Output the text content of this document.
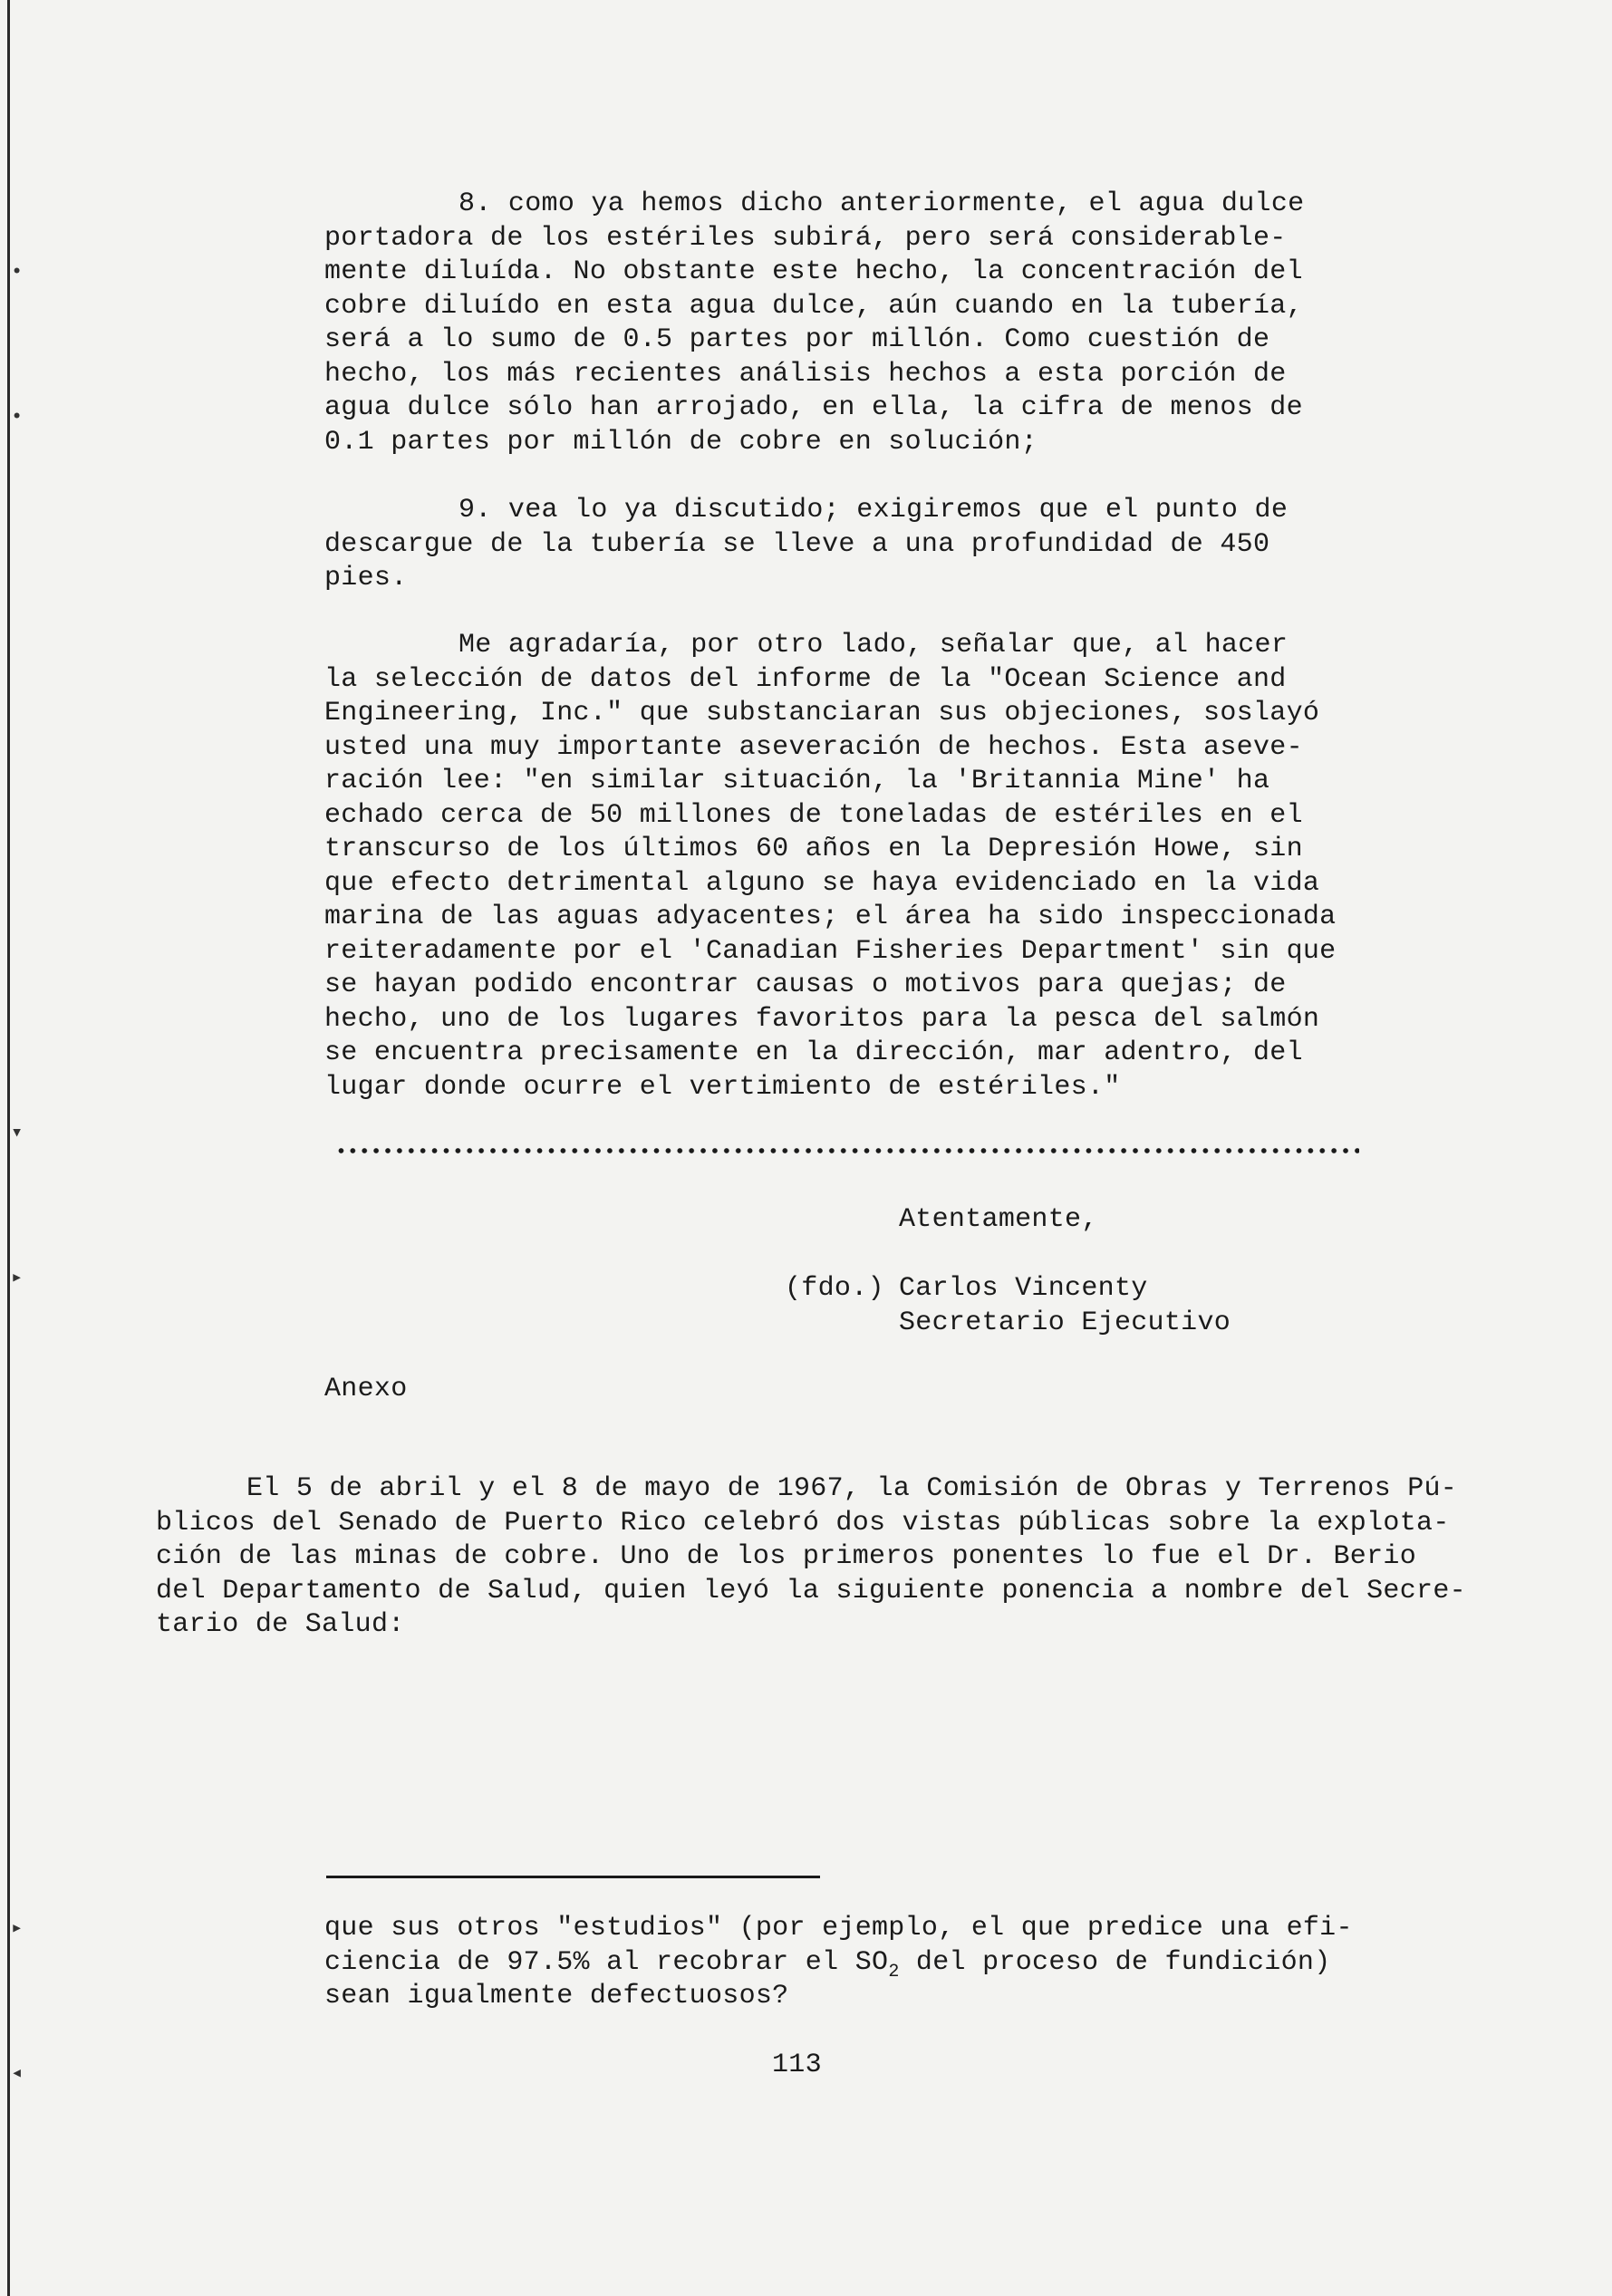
•
•
▾
▸
▸
◂
8. como ya hemos dicho anteriormente, el agua dulce
portadora de los estériles subirá, pero será considerable-
mente diluída. No obstante este hecho, la concentración del
cobre diluído en esta agua dulce, aún cuando en la tubería,
será a lo sumo de 0.5 partes por millón. Como cuestión de
hecho, los más recientes análisis hechos a esta porción de
agua dulce sólo han arrojado, en ella, la cifra de menos de
0.1 partes por millón de cobre en solución;
9. vea lo ya discutido; exigiremos que el punto de
descargue de la tubería se lleve a una profundidad de 450
pies.
Me agradaría, por otro lado, señalar que, al hacer
la selección de datos del informe de la "Ocean Science and
Engineering, Inc." que substanciaran sus objeciones, soslayó
usted una muy importante aseveración de hechos. Esta aseve-
ración lee: "en similar situación, la 'Britannia Mine' ha
echado cerca de 50 millones de toneladas de estériles en el
transcurso de los últimos 60 años en la Depresión Howe, sin
que efecto detrimental alguno se haya evidenciado en la vida
marina de las aguas adyacentes; el área ha sido inspeccionada
reiteradamente por el 'Canadian Fisheries Department' sin que
se hayan podido encontrar causas o motivos para quejas; de
hecho, uno de los lugares favoritos para la pesca del salmón
se encuentra precisamente en la dirección, mar adentro, del
lugar donde ocurre el vertimiento de estériles."
Atentamente,
(fdo.) Carlos Vincenty
Secretario Ejecutivo
Anexo
El 5 de abril y el 8 de mayo de 1967, la Comisión de Obras y Terrenos Pú-
blicos del Senado de Puerto Rico celebró dos vistas públicas sobre la explota-
ción de las minas de cobre. Uno de los primeros ponentes lo fue el Dr. Berio
del Departamento de Salud, quien leyó la siguiente ponencia a nombre del Secre-
tario de Salud:
que sus otros "estudios" (por ejemplo, el que predice una efi-
ciencia de 97.5% al recobrar el $SO_2$ del proceso de fundición)
sean igualmente defectuosos?
113
